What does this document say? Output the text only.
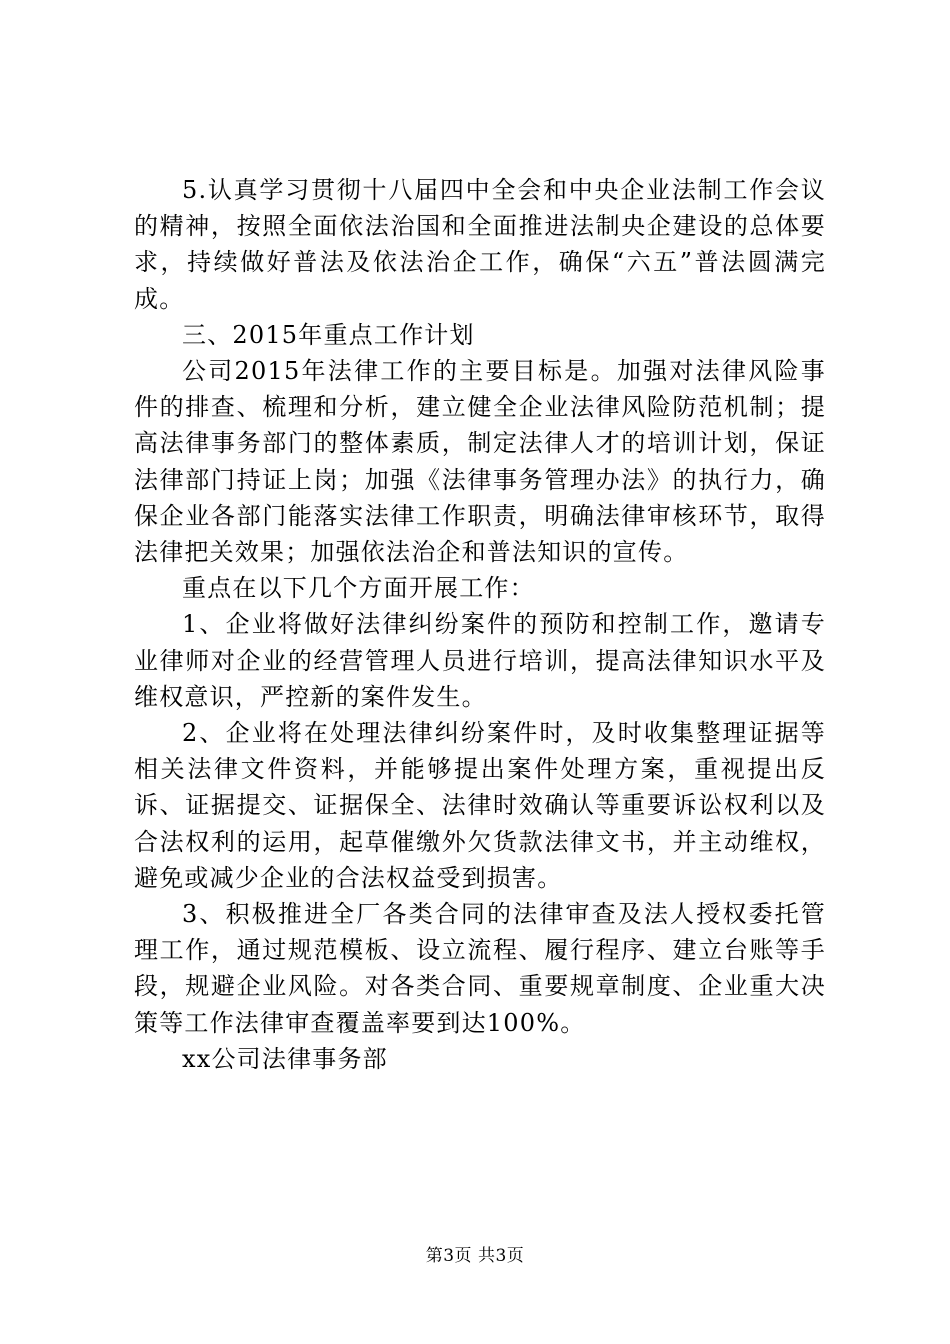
5.认真学习贯彻十八届四中全会和中央企业法制工作会议的精神，按照全面依法治国和全面推进法制央企建设的总体要求，持续做好普法及依法治企工作，确保“六五”普法圆满完成。

三、2015年重点工作计划

公司2015年法律工作的主要目标是。加强对法律风险事件的排查、梳理和分析，建立健全企业法律风险防范机制；提高法律事务部门的整体素质，制定法律人才的培训计划，保证法律部门持证上岗；加强《法律事务管理办法》的执行力，确保企业各部门能落实法律工作职责，明确法律审核环节，取得法律把关效果；加强依法治企和普法知识的宣传。

重点在以下几个方面开展工作：

1、企业将做好法律纠纷案件的预防和控制工作，邀请专业律师对企业的经营管理人员进行培训，提高法律知识水平及维权意识，严控新的案件发生。

2、企业将在处理法律纠纷案件时，及时收集整理证据等相关法律文件资料，并能够提出案件处理方案，重视提出反诉、证据提交、证据保全、法律时效确认等重要诉讼权利以及合法权利的运用，起草催缴外欠货款法律文书，并主动维权，避免或减少企业的合法权益受到损害。

3、积极推进全厂各类合同的法律审查及法人授权委托管理工作，通过规范模板、设立流程、履行程序、建立台账等手段，规避企业风险。对各类合同、重要规章制度、企业重大决策等工作法律审查覆盖率要到达100%。

xx公司法律事务部

第3页 共3页
